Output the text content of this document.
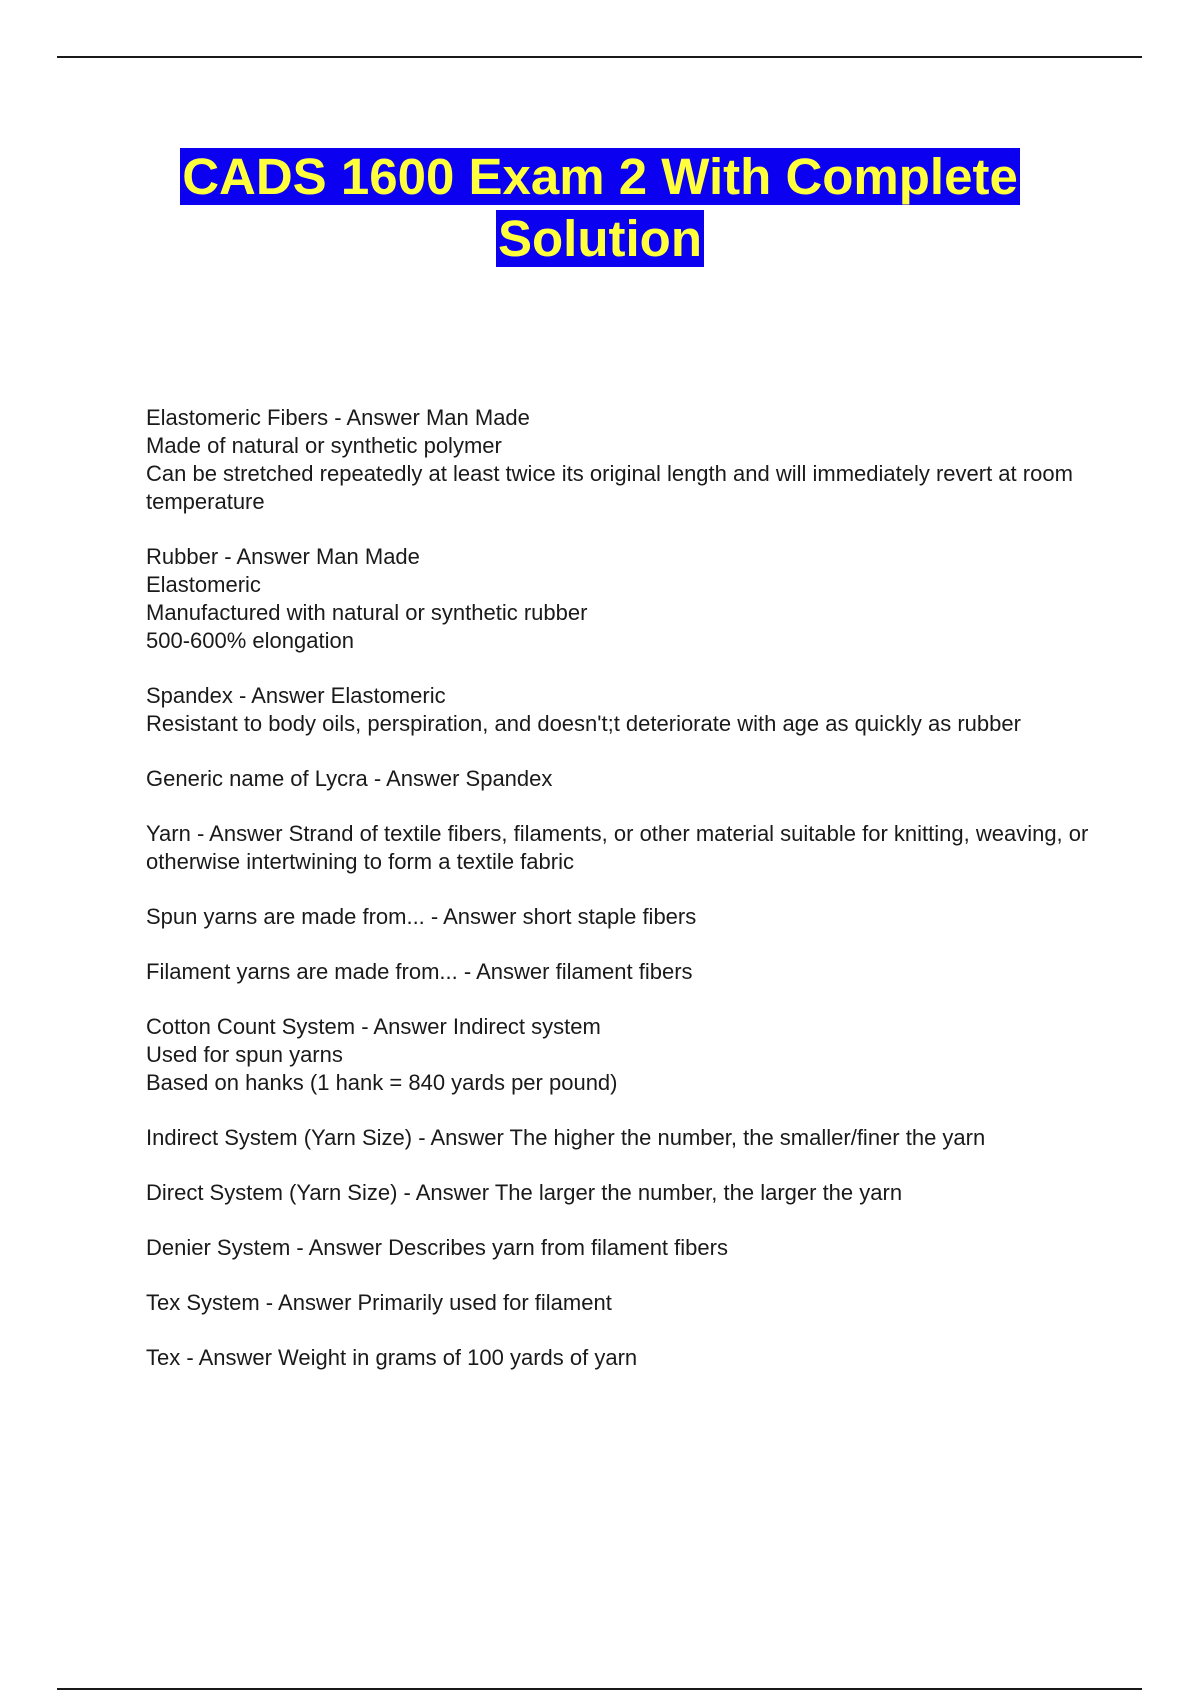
CADS 1600 Exam 2 With Complete
Solution
Elastomeric Fibers - Answer Man Made
Made of natural or synthetic polymer
Can be stretched repeatedly at least twice its original length and will immediately revert at room temperature
Rubber - Answer Man Made
Elastomeric
Manufactured with natural or synthetic rubber
500-600% elongation
Spandex - Answer Elastomeric
Resistant to body oils, perspiration, and doesn't;t deteriorate with age as quickly as rubber
Generic name of Lycra - Answer Spandex
Yarn - Answer Strand of textile fibers, filaments, or other material suitable for knitting, weaving, or otherwise intertwining to form a textile fabric
Spun yarns are made from... - Answer short staple fibers
Filament yarns are made from... - Answer filament fibers
Cotton Count System - Answer Indirect system
Used for spun yarns
Based on hanks (1 hank = 840 yards per pound)
Indirect System (Yarn Size) - Answer The higher the number, the smaller/finer the yarn
Direct System (Yarn Size) - Answer The larger the number, the larger the yarn
Denier System - Answer Describes yarn from filament fibers
Tex System - Answer Primarily used for filament
Tex - Answer Weight in grams of 100 yards of yarn
